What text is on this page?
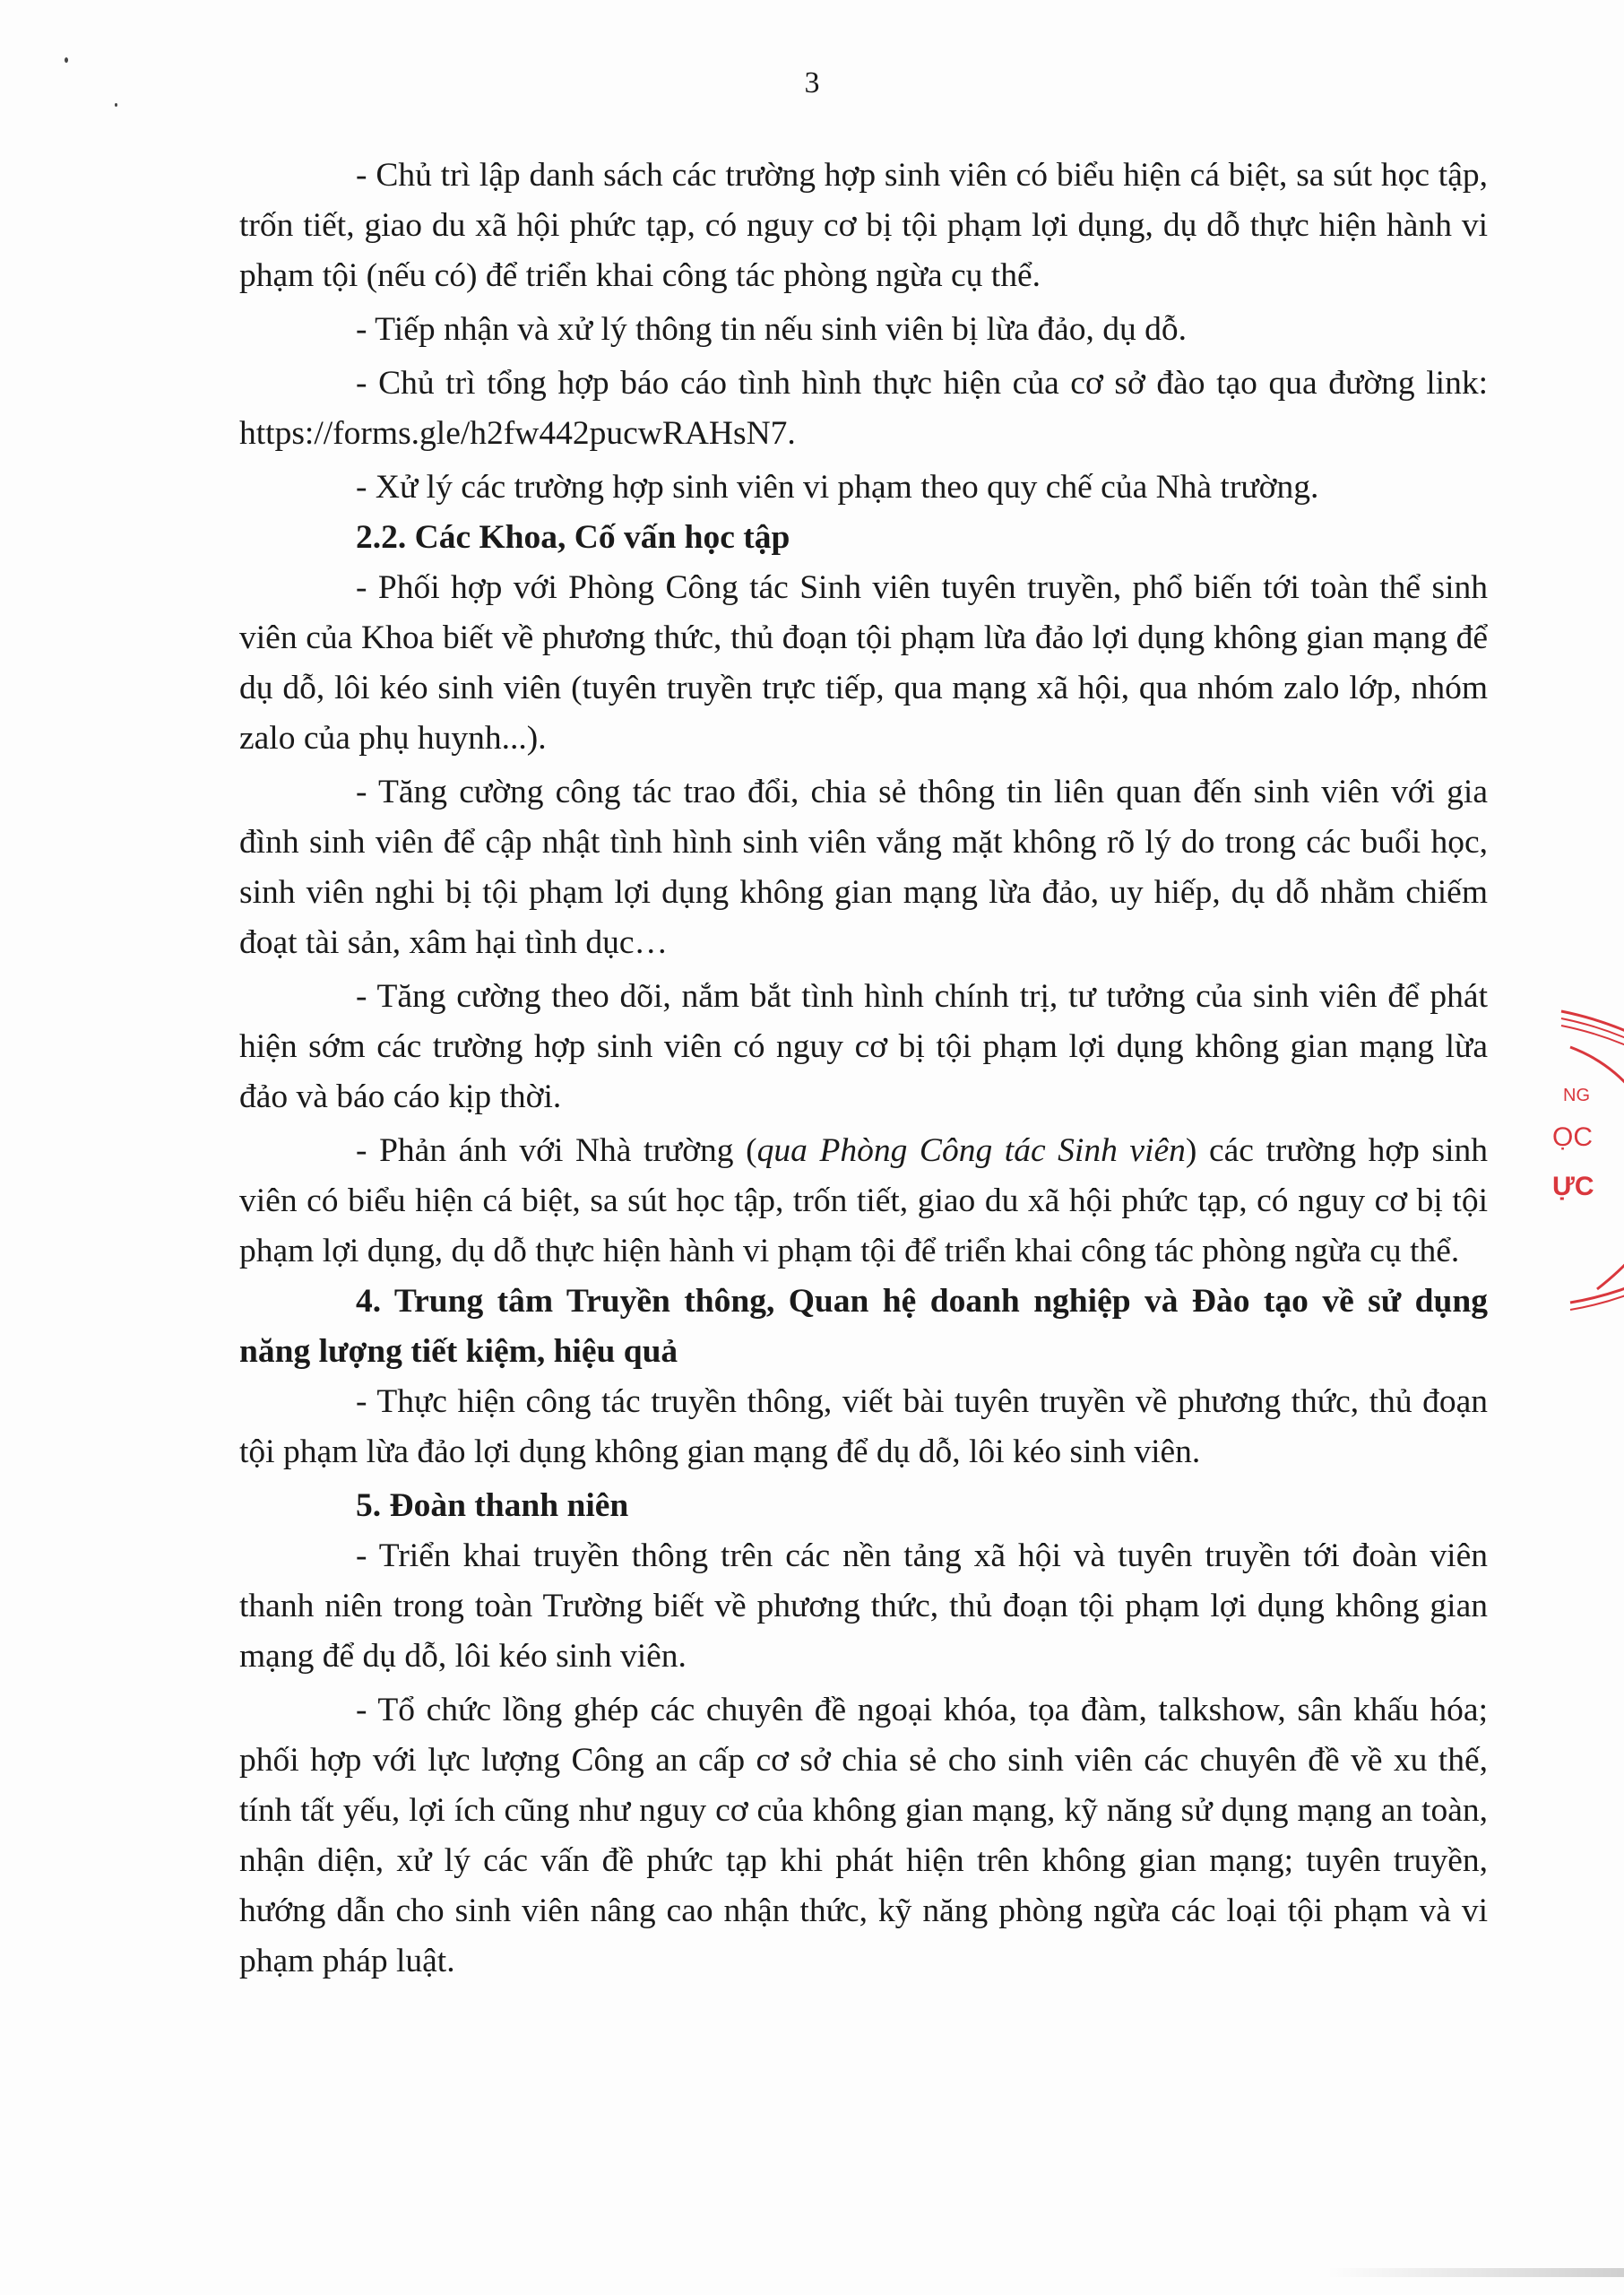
3

- Chủ trì lập danh sách các trường hợp sinh viên có biểu hiện cá biệt, sa sút học tập, trốn tiết, giao du xã hội phức tạp, có nguy cơ bị tội phạm lợi dụng, dụ dỗ thực hiện hành vi phạm tội (nếu có) để triển khai công tác phòng ngừa cụ thể.

- Tiếp nhận và xử lý thông tin nếu sinh viên bị lừa đảo, dụ dỗ.

- Chủ trì tổng hợp báo cáo tình hình thực hiện của cơ sở đào tạo qua đường link: https://forms.gle/h2fw442pucwRAHsN7.

- Xử lý các trường hợp sinh viên vi phạm theo quy chế của Nhà trường.

2.2. Các Khoa, Cố vấn học tập

- Phối hợp với Phòng Công tác Sinh viên tuyên truyền, phổ biến tới toàn thể sinh viên của Khoa biết về phương thức, thủ đoạn tội phạm lừa đảo lợi dụng không gian mạng để dụ dỗ, lôi kéo sinh viên (tuyên truyền trực tiếp, qua mạng xã hội, qua nhóm zalo lớp, nhóm zalo của phụ huynh...).

- Tăng cường công tác trao đổi, chia sẻ thông tin liên quan đến sinh viên với gia đình sinh viên để cập nhật tình hình sinh viên vắng mặt không rõ lý do trong các buổi học, sinh viên nghi bị tội phạm lợi dụng không gian mạng lừa đảo, uy hiếp, dụ dỗ nhằm chiếm đoạt tài sản, xâm hại tình dục…

- Tăng cường theo dõi, nắm bắt tình hình chính trị, tư tưởng của sinh viên để phát hiện sớm các trường hợp sinh viên có nguy cơ bị tội phạm lợi dụng không gian mạng lừa đảo và báo cáo kịp thời.

- Phản ánh với Nhà trường (qua Phòng Công tác Sinh viên) các trường hợp sinh viên có biểu hiện cá biệt, sa sút học tập, trốn tiết, giao du xã hội phức tạp, có nguy cơ bị tội phạm lợi dụng, dụ dỗ thực hiện hành vi phạm tội để triển khai công tác phòng ngừa cụ thể.

4. Trung tâm Truyền thông, Quan hệ doanh nghiệp và Đào tạo về sử dụng năng lượng tiết kiệm, hiệu quả

- Thực hiện công tác truyền thông, viết bài tuyên truyền về phương thức, thủ đoạn tội phạm lừa đảo lợi dụng không gian mạng để dụ dỗ, lôi kéo sinh viên.

5. Đoàn thanh niên

- Triển khai truyền thông trên các nền tảng xã hội và tuyên truyền tới đoàn viên thanh niên trong toàn Trường biết về phương thức, thủ đoạn tội phạm lợi dụng không gian mạng để dụ dỗ, lôi kéo sinh viên.

- Tổ chức lồng ghép các chuyên đề ngoại khóa, tọa đàm, talkshow, sân khấu hóa; phối hợp với lực lượng Công an cấp cơ sở chia sẻ cho sinh viên các chuyên đề về xu thế, tính tất yếu, lợi ích cũng như nguy cơ của không gian mạng, kỹ năng sử dụng mạng an toàn, nhận diện, xử lý các vấn đề phức tạp khi phát hiện trên không gian mạng; tuyên truyền, hướng dẫn cho sinh viên nâng cao nhận thức, kỹ năng phòng ngừa các loại tội phạm và vi phạm pháp luật.

NG
ỌC
ỰC
